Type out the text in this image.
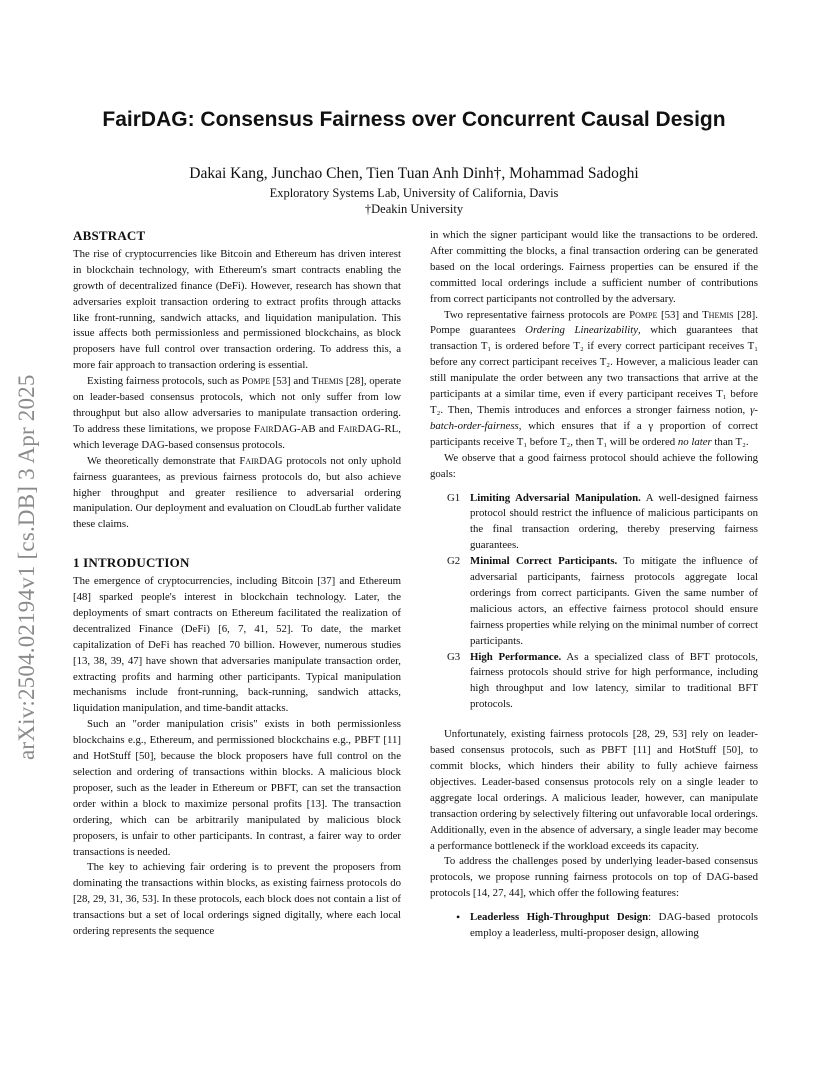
arXiv:2504.02194v1 [cs.DB] 3 Apr 2025
FairDAG: Consensus Fairness over Concurrent Causal Design
Dakai Kang, Junchao Chen, Tien Tuan Anh Dinh†, Mohammad Sadoghi
Exploratory Systems Lab, University of California, Davis
†Deakin University
ABSTRACT

The rise of cryptocurrencies like Bitcoin and Ethereum has driven interest in blockchain technology, with Ethereum's smart contracts enabling the growth of decentralized finance (DeFi). However, research has shown that adversaries exploit transaction ordering to extract profits through attacks like front-running, sandwich attacks, and liquidation manipulation. This issue affects both permissionless and permissioned blockchains, as block proposers have full control over transaction ordering. To address this, a more fair approach to transaction ordering is essential.

Existing fairness protocols, such as Pompe [53] and Themis [28], operate on leader-based consensus protocols, which not only suffer from low throughput but also allow adversaries to manipulate transaction ordering. To address these limitations, we propose FairDAG-AB and FairDAG-RL, which leverage DAG-based consensus protocols.

We theoretically demonstrate that FairDAG protocols not only uphold fairness guarantees, as previous fairness protocols do, but also achieve higher throughput and greater resilience to adversarial ordering manipulation. Our deployment and evaluation on CloudLab further validate these claims.

1 INTRODUCTION

The emergence of cryptocurrencies, including Bitcoin [37] and Ethereum [48] sparked people's interest in blockchain technology. Later, the deployments of smart contracts on Ethereum facilitated the realization of decentralized Finance (DeFi) [6, 7, 41, 52]. To date, the market capitalization of DeFi has reached 70 billion. However, numerous studies [13, 38, 39, 47] have shown that adversaries manipulate transaction order, extracting profits and harming other participants. Typical manipulation mechanisms include front-running, back-running, sandwich attacks, liquidation manipulation, and time-bandit attacks.

Such an "order manipulation crisis" exists in both permissionless blockchains e.g., Ethereum, and permissioned blockchains e.g., PBFT [11] and HotStuff [50], because the block proposers have full control on the selection and ordering of transactions within blocks. A malicious block proposer, such as the leader in Ethereum or PBFT, can set the transaction order within a block to maximize personal profits [13]. The transaction ordering, which can be arbitrarily manipulated by malicious block proposers, is unfair to other participants. In contrast, a fairer way to order transactions is needed.

The key to achieving fair ordering is to prevent the proposers from dominating the transactions within blocks, as existing fairness protocols do [28, 29, 31, 36, 53]. In these protocols, each block does not contain a list of transactions but a set of local orderings signed digitally, where each local ordering represents the sequence

in which the signer participant would like the transactions to be ordered. After committing the blocks, a final transaction ordering can be generated based on the local orderings. Fairness properties can be ensured if the committed local orderings include a sufficient number of contributions from correct participants not controlled by the adversary.

Two representative fairness protocols are Pompe [53] and Themis [28]. Pompe guarantees Ordering Linearizability, which guarantees that transaction T₁ is ordered before T₂ if every correct participant receives T₁ before any correct participant receives T₂. However, a malicious leader can still manipulate the order between any two transactions that arrive at the participants at a similar time, even if every participant receives T₁ before T₂. Then, Themis introduces and enforces a stronger fairness notion, γ-batch-order-fairness, which ensures that if a γ proportion of correct participants receive T₁ before T₂, then T₁ will be ordered no later than T₂.

We observe that a good fairness protocol should achieve the following goals:

G1 Limiting Adversarial Manipulation. A well-designed fairness protocol should restrict the influence of malicious participants on the final transaction ordering, thereby preserving fairness guarantees.
G2 Minimal Correct Participants. To mitigate the influence of adversarial participants, fairness protocols aggregate local orderings from correct participants. Given the same number of malicious actors, an effective fairness protocol should ensure fairness properties while relying on the minimal number of correct participants.
G3 High Performance. As a specialized class of BFT protocols, fairness protocols should strive for high performance, including high throughput and low latency, similar to traditional BFT protocols.

Unfortunately, existing fairness protocols [28, 29, 53] rely on leader-based consensus protocols, such as PBFT [11] and HotStuff [50], to commit blocks, which hinders their ability to fully achieve fairness objectives. Leader-based consensus protocols rely on a single leader to aggregate local orderings. A malicious leader, however, can manipulate transaction ordering by selectively filtering out unfavorable local orderings. Additionally, even in the absence of adversary, a single leader may become a performance bottleneck if the workload exceeds its capacity.

To address the challenges posed by underlying leader-based consensus protocols, we propose running fairness protocols on top of DAG-based protocols [14, 27, 44], which offer the following features:

• Leaderless High-Throughput Design: DAG-based protocols employ a leaderless, multi-proposer design, allowing
